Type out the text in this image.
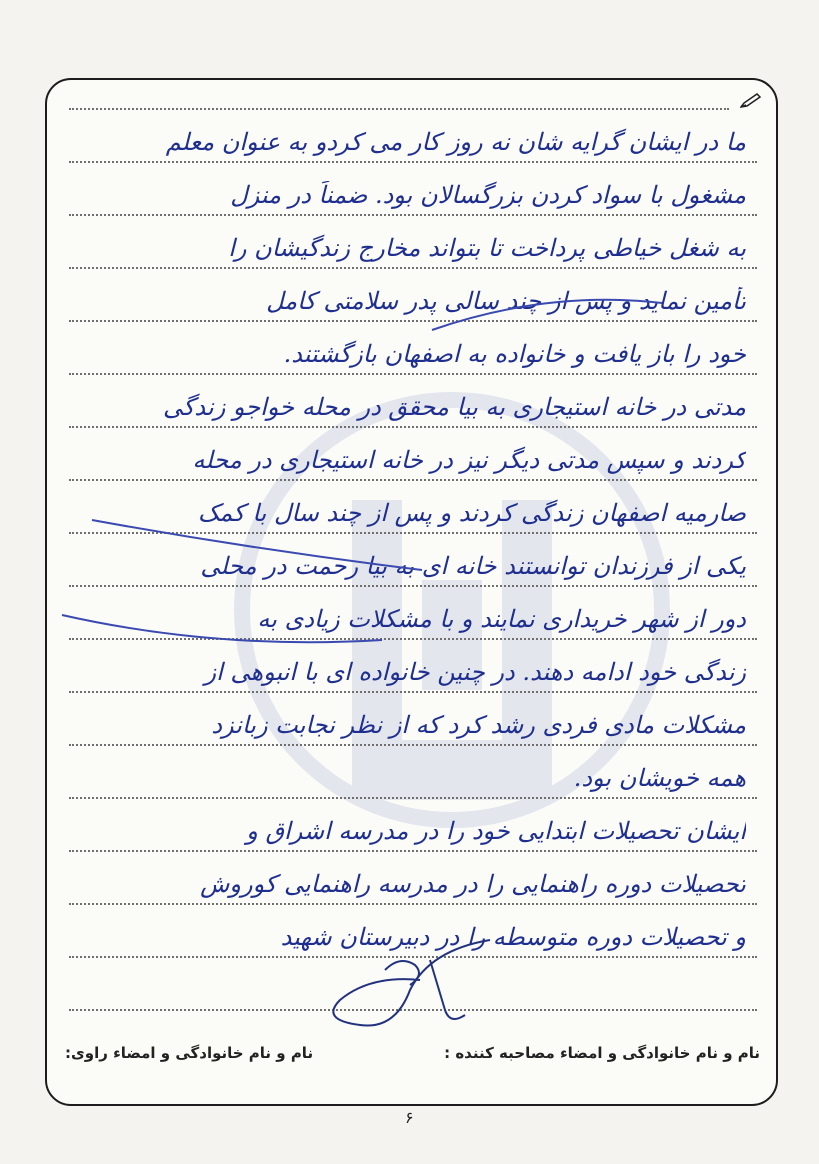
ما در ایشان گرایه شان نه روز کار می کردو به عنوان معلم
مشغول با سواد کردن بزرگسالان بود. ضمناً در منزل
به شغل خیاطی پرداخت تا بتواند مخارج زندگیشان را
تأمین نماید و پس از چند سالی پدر سلامتی کامل
خود را باز یافت و خانواده به اصفهان بازگشتند.
مدتی در خانه استیجاری به بیا محقق در محله خواجو زندگی
کردند و سپس مدتی دیگر نیز در خانه استیجاری در محله
صارمیه اصفهان زندگی کردند و پس از چند سال با کمک
یکی از فرزندان توانستند خانه ای به بیا رحمت در محلی
دور از شهر خریداری نمایند و با مشکلات زیادی به
زندگی خود ادامه دهند. در چنین خانواده ای با انبوهی از
مشکلات مادی فردی رشد کرد که از نظر نجابت زبانزد
همه خویشان بود.
ایشان تحصیلات ابتدایی خود را در مدرسه اشراق و
تحصیلات دوره راهنمایی را در مدرسه راهنمایی کوروش
و تحصیلات دوره متوسطه را در دبیرستان شهید
نام و نام خانوادگی و امضاء مصاحبه کننده :
نام و نام خانوادگی و امضاء راوی:
۶
